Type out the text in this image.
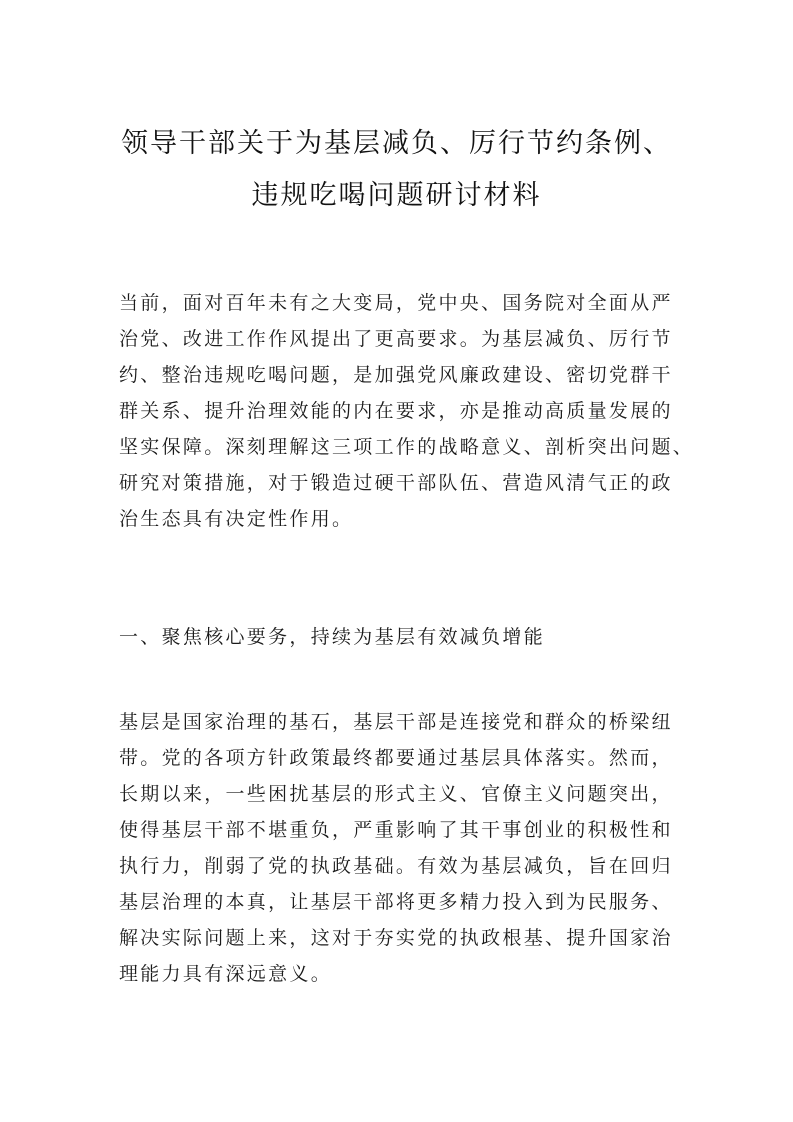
领导干部关于为基层减负、厉行节约条例、
违规吃喝问题研讨材料
当前，面对百年未有之大变局，党中央、国务院对全面从严
治党、改进工作作风提出了更高要求。为基层减负、厉行节
约、整治违规吃喝问题，是加强党风廉政建设、密切党群干
群关系、提升治理效能的内在要求，亦是推动高质量发展的
坚实保障。深刻理解这三项工作的战略意义、剖析突出问题、
研究对策措施，对于锻造过硬干部队伍、营造风清气正的政
治生态具有决定性作用。
一、聚焦核心要务，持续为基层有效减负增能
基层是国家治理的基石，基层干部是连接党和群众的桥梁纽
带。党的各项方针政策最终都要通过基层具体落实。然而，
长期以来，一些困扰基层的形式主义、官僚主义问题突出，
使得基层干部不堪重负，严重影响了其干事创业的积极性和
执行力，削弱了党的执政基础。有效为基层减负，旨在回归
基层治理的本真，让基层干部将更多精力投入到为民服务、
解决实际问题上来，这对于夯实党的执政根基、提升国家治
理能力具有深远意义。
